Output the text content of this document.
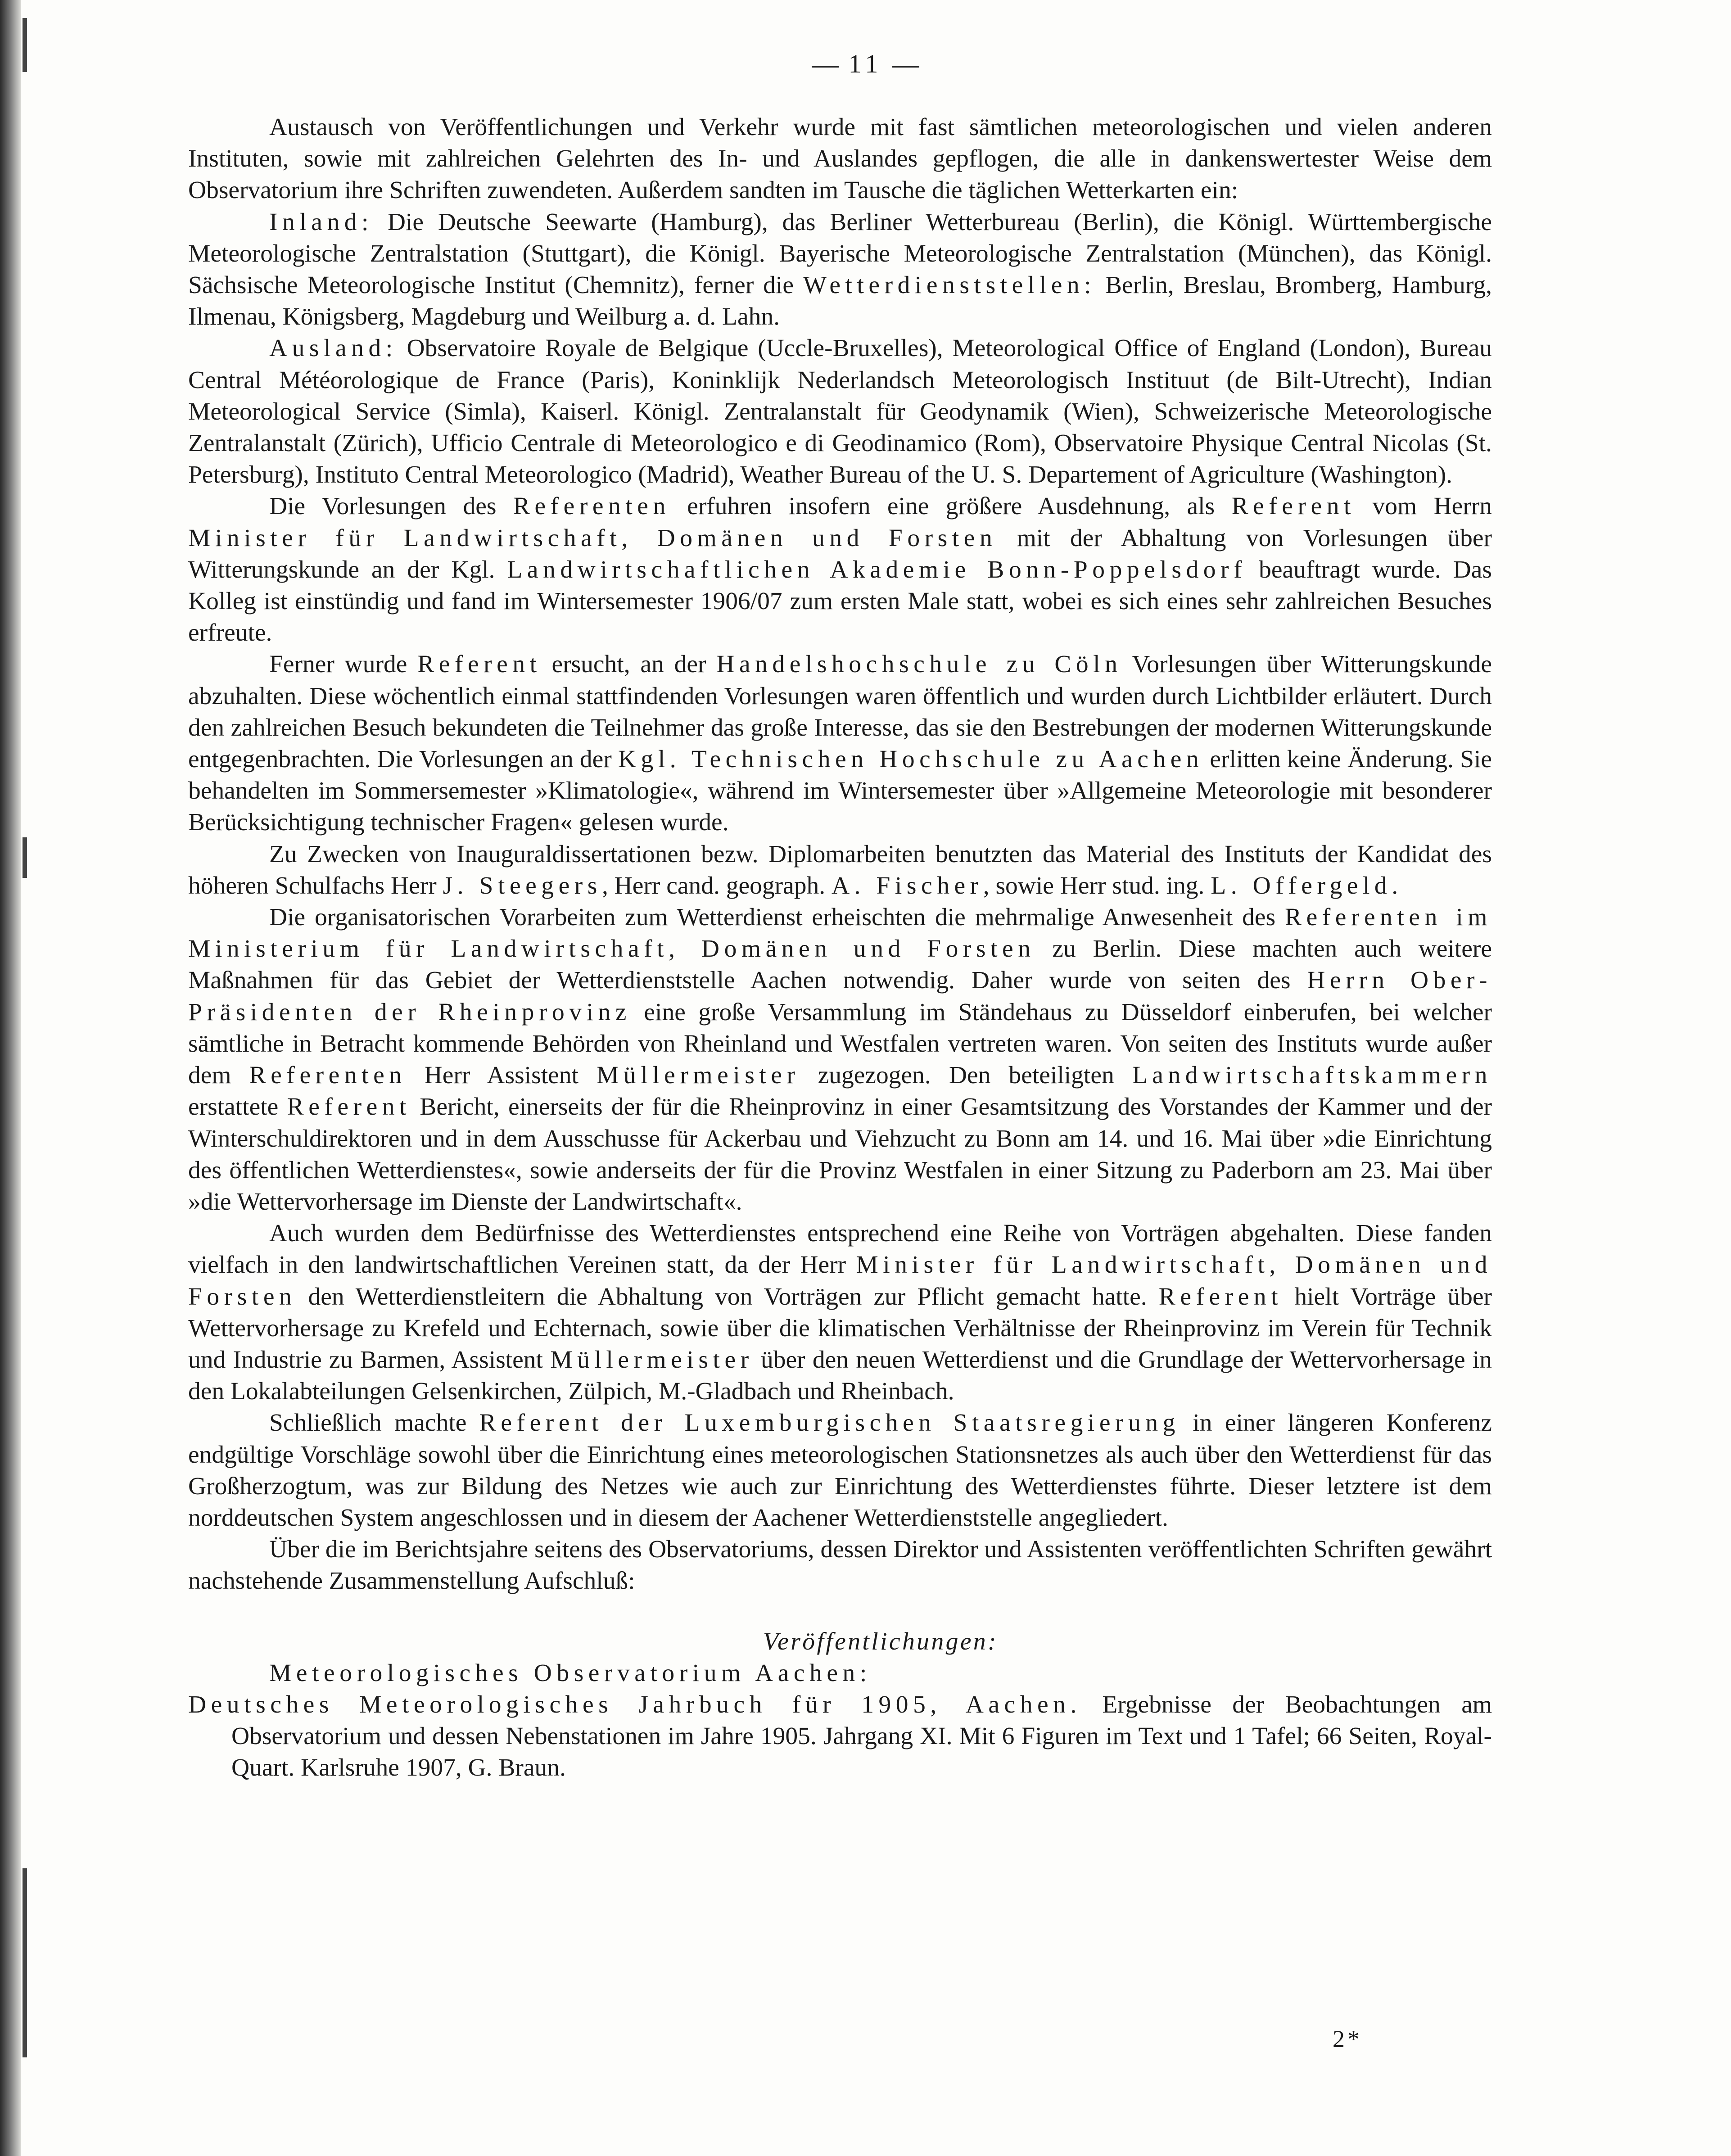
11

Austausch von Veröffentlichungen und Verkehr wurde mit fast sämtlichen meteorologischen und vielen anderen Instituten, sowie mit zahlreichen Gelehrten des In- und Auslandes gepflogen, die alle in dankenswertester Weise dem Observatorium ihre Schriften zuwendeten. Außerdem sandten im Tausche die täglichen Wetterkarten ein:

Inland: Die Deutsche Seewarte (Hamburg), das Berliner Wetterbureau (Berlin), die Königl. Württembergische Meteorologische Zentralstation (Stuttgart), die Königl. Bayerische Meteorologische Zentralstation (München), das Königl. Sächsische Meteorologische Institut (Chemnitz), ferner die Wetterdienststellen: Berlin, Breslau, Bromberg, Hamburg, Ilmenau, Königsberg, Magdeburg und Weilburg a. d. Lahn.

Ausland: Observatoire Royale de Belgique (Uccle-Bruxelles), Meteorological Office of England (London), Bureau Central Météorologique de France (Paris), Koninklijk Nederlandsch Meteorologisch Instituut (de Bilt-Utrecht), Indian Meteorological Service (Simla), Kaiserl. Königl. Zentralanstalt für Geodynamik (Wien), Schweizerische Meteorologische Zentralanstalt (Zürich), Ufficio Centrale di Meteorologico e di Geodinamico (Rom), Observatoire Physique Central Nicolas (St. Petersburg), Instituto Central Meteorologico (Madrid), Weather Bureau of the U. S. Departement of Agriculture (Washington).

Die Vorlesungen des Referenten erfuhren insofern eine größere Ausdehnung, als Referent vom Herrn Minister für Landwirtschaft, Domänen und Forsten mit der Abhaltung von Vorlesungen über Witterungskunde an der Kgl. Landwirtschaftlichen Akademie Bonn-Poppelsdorf beauftragt wurde. Das Kolleg ist einstündig und fand im Wintersemester 1906/07 zum ersten Male statt, wobei es sich eines sehr zahlreichen Besuches erfreute.

Ferner wurde Referent ersucht, an der Handelshochschule zu Cöln Vorlesungen über Witterungskunde abzuhalten. Diese wöchentlich einmal stattfindenden Vorlesungen waren öffentlich und wurden durch Lichtbilder erläutert. Durch den zahlreichen Besuch bekundeten die Teilnehmer das große Interesse, das sie den Bestrebungen der modernen Witterungskunde entgegenbrachten. Die Vorlesungen an der Kgl. Technischen Hochschule zu Aachen erlitten keine Änderung. Sie behandelten im Sommersemester »Klimatologie«, während im Wintersemester über »Allgemeine Meteorologie mit besonderer Berücksichtigung technischer Fragen« gelesen wurde.

Zu Zwecken von Inauguraldissertationen bezw. Diplomarbeiten benutzten das Material des Instituts der Kandidat des höheren Schulfachs Herr J. Steegers, Herr cand. geograph. A. Fischer, sowie Herr stud. ing. L. Offergeld.

Die organisatorischen Vorarbeiten zum Wetterdienst erheischten die mehrmalige Anwesenheit des Referenten im Ministerium für Landwirtschaft, Domänen und Forsten zu Berlin. Diese machten auch weitere Maßnahmen für das Gebiet der Wetterdienststelle Aachen notwendig. Daher wurde von seiten des Herrn Ober-Präsidenten der Rheinprovinz eine große Versammlung im Ständehaus zu Düsseldorf einberufen, bei welcher sämtliche in Betracht kommende Behörden von Rheinland und Westfalen vertreten waren. Von seiten des Instituts wurde außer dem Referenten Herr Assistent Müllermeister zugezogen. Den beteiligten Landwirtschaftskammern erstattete Referent Bericht, einerseits der für die Rheinprovinz in einer Gesamtsitzung des Vorstandes der Kammer und der Winterschuldirektoren und in dem Ausschusse für Ackerbau und Viehzucht zu Bonn am 14. und 16. Mai über »die Einrichtung des öffentlichen Wetterdienstes«, sowie anderseits der für die Provinz Westfalen in einer Sitzung zu Paderborn am 23. Mai über »die Wettervorhersage im Dienste der Landwirtschaft«.

Auch wurden dem Bedürfnisse des Wetterdienstes entsprechend eine Reihe von Vorträgen abgehalten. Diese fanden vielfach in den landwirtschaftlichen Vereinen statt, da der Herr Minister für Landwirtschaft, Domänen und Forsten den Wetterdienstleitern die Abhaltung von Vorträgen zur Pflicht gemacht hatte. Referent hielt Vorträge über Wettervorhersage zu Krefeld und Echternach, sowie über die klimatischen Verhältnisse der Rheinprovinz im Verein für Technik und Industrie zu Barmen, Assistent Müllermeister über den neuen Wetterdienst und die Grundlage der Wettervorhersage in den Lokalabteilungen Gelsenkirchen, Zülpich, M.-Gladbach und Rheinbach.

Schließlich machte Referent der Luxemburgischen Staatsregierung in einer längeren Konferenz endgültige Vorschläge sowohl über die Einrichtung eines meteorologischen Stationsnetzes als auch über den Wetterdienst für das Großherzogtum, was zur Bildung des Netzes wie auch zur Einrichtung des Wetterdienstes führte. Dieser letztere ist dem norddeutschen System angeschlossen und in diesem der Aachener Wetterdienststelle angegliedert.

Über die im Berichtsjahre seitens des Observatoriums, dessen Direktor und Assistenten veröffentlichten Schriften gewährt nachstehende Zusammenstellung Aufschluß:

Veröffentlichungen:

Meteorologisches Observatorium Aachen:

Deutsches Meteorologisches Jahrbuch für 1905, Aachen. Ergebnisse der Beobachtungen am Observatorium und dessen Nebenstationen im Jahre 1905. Jahrgang XI. Mit 6 Figuren im Text und 1 Tafel; 66 Seiten, Royal-Quart. Karlsruhe 1907, G. Braun.

2*
